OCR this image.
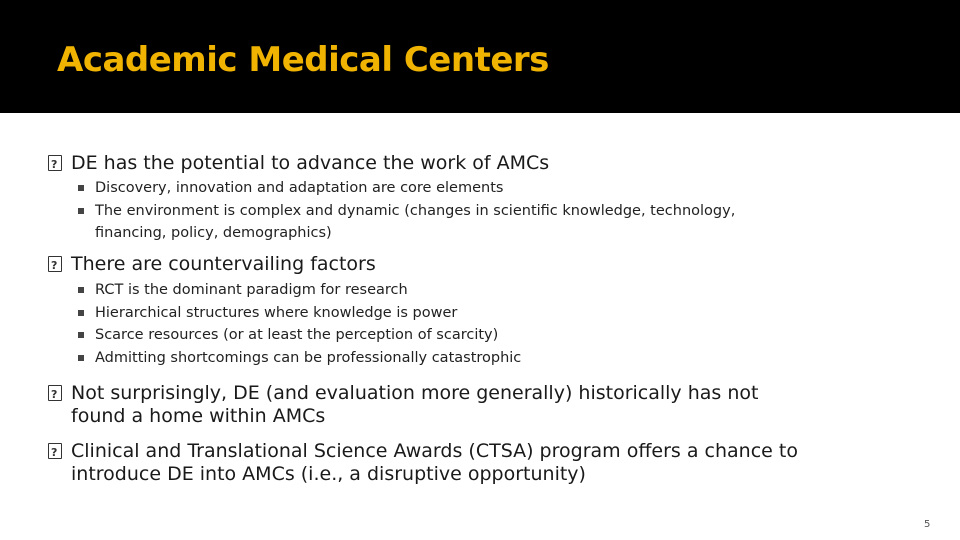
Academic Medical Centers
?
DE has the potential to advance the work of AMCs
Discovery, innovation and adaptation are core elements
The environment is complex and dynamic (changes in scientific knowledge, technology, financing, policy, demographics)
?
There are countervailing factors
RCT is the dominant paradigm for research
Hierarchical structures where knowledge is power
Scarce resources (or at least the perception of scarcity)
Admitting shortcomings can be professionally catastrophic
?
Not surprisingly, DE (and evaluation more generally) historically has not found a home within AMCs
?
Clinical and Translational Science Awards (CTSA) program offers a chance to introduce DE into AMCs (i.e., a disruptive opportunity)
5
